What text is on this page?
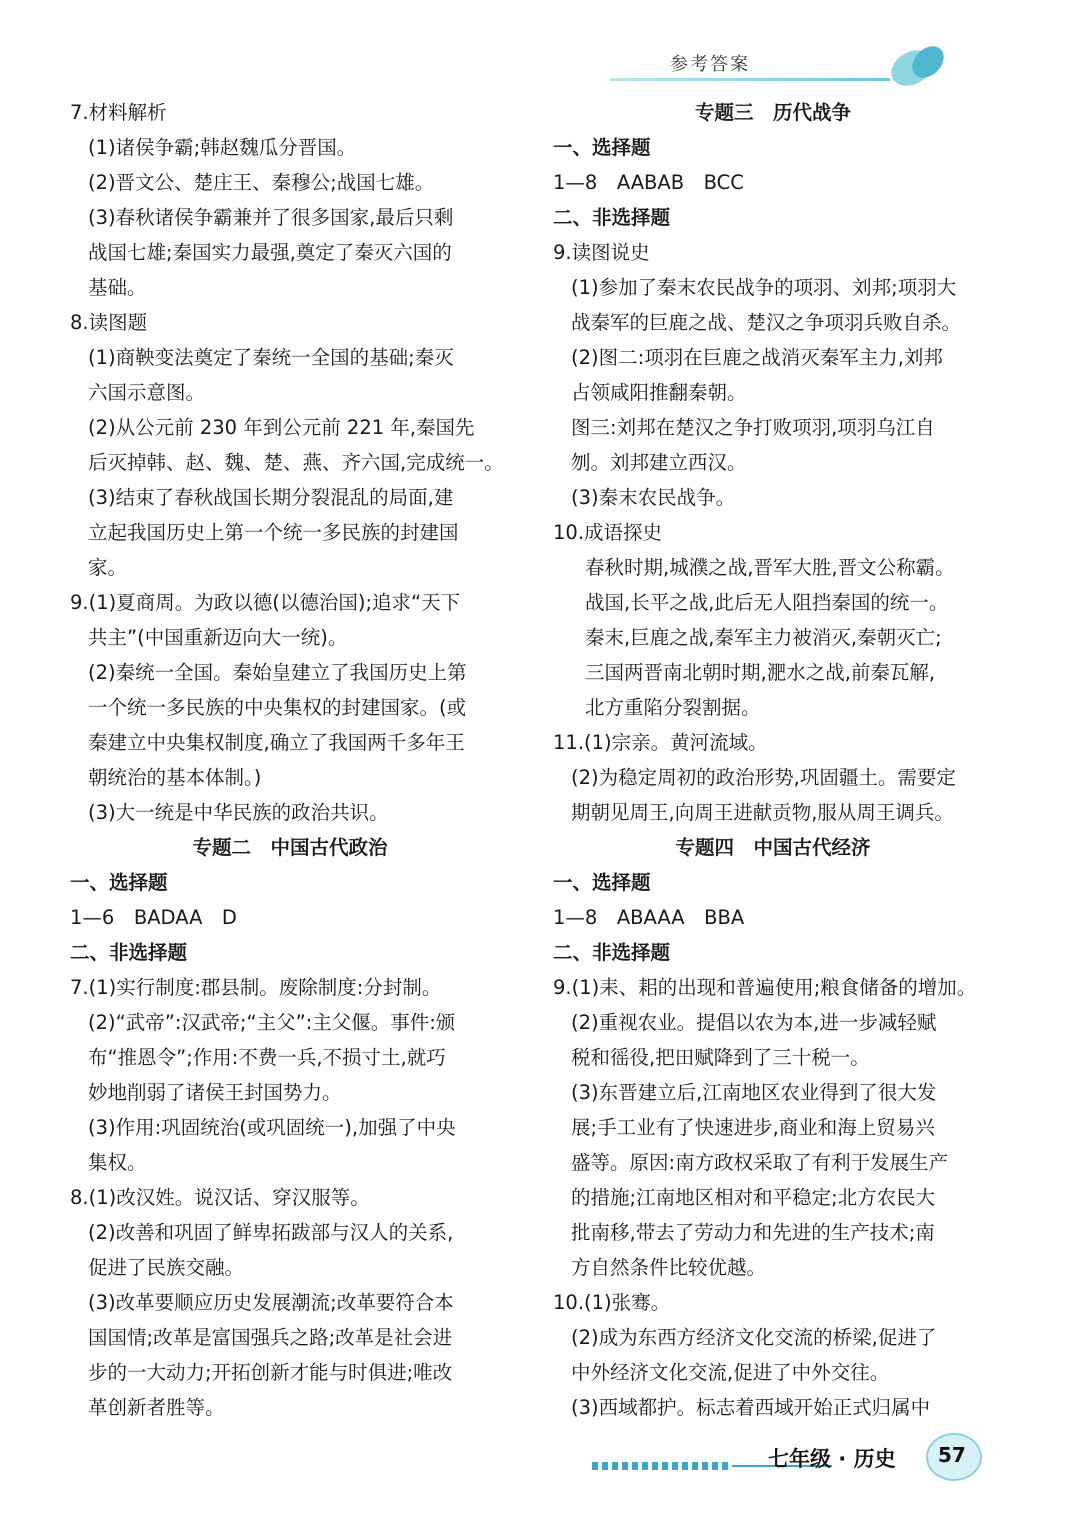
参考答案
7.材料解析
(1)诸侯争霸;韩赵魏瓜分晋国。
(2)晋文公、楚庄王、秦穆公;战国七雄。
(3)春秋诸侯争霸兼并了很多国家,最后只剩
战国七雄;秦国实力最强,奠定了秦灭六国的
基础。
8.读图题
(1)商鞅变法奠定了秦统一全国的基础;秦灭
六国示意图。
(2)从公元前 230 年到公元前 221 年,秦国先
后灭掉韩、赵、魏、楚、燕、齐六国,完成统一。
(3)结束了春秋战国长期分裂混乱的局面,建
立起我国历史上第一个统一多民族的封建国
家。
9.(1)夏商周。为政以德(以德治国);追求“天下
共主”(中国重新迈向大一统)。
(2)秦统一全国。秦始皇建立了我国历史上第
一个统一多民族的中央集权的封建国家。(或
秦建立中央集权制度,确立了我国两千多年王
朝统治的基本体制。)
(3)大一统是中华民族的政治共识。
专题二　中国古代政治
一、选择题
1—6　BADAA　D
二、非选择题
7.(1)实行制度:郡县制。废除制度:分封制。
(2)“武帝”:汉武帝;“主父”:主父偃。事件:颁
布“推恩令”;作用:不费一兵,不损寸土,就巧
妙地削弱了诸侯王封国势力。
(3)作用:巩固统治(或巩固统一),加强了中央
集权。
8.(1)改汉姓。说汉话、穿汉服等。
(2)改善和巩固了鲜卑拓跋部与汉人的关系,
促进了民族交融。
(3)改革要顺应历史发展潮流;改革要符合本
国国情;改革是富国强兵之路;改革是社会进
步的一大动力;开拓创新才能与时俱进;唯改
革创新者胜等。
专题三　历代战争
一、选择题
1—8　AABAB　BCC
二、非选择题
9.读图说史
(1)参加了秦末农民战争的项羽、刘邦;项羽大
战秦军的巨鹿之战、楚汉之争项羽兵败自杀。
(2)图二:项羽在巨鹿之战消灭秦军主力,刘邦
占领咸阳推翻秦朝。
图三:刘邦在楚汉之争打败项羽,项羽乌江自
刎。刘邦建立西汉。
(3)秦末农民战争。
10.成语探史
春秋时期,城濮之战,晋军大胜,晋文公称霸。
战国,长平之战,此后无人阻挡秦国的统一。
秦末,巨鹿之战,秦军主力被消灭,秦朝灭亡;
三国两晋南北朝时期,淝水之战,前秦瓦解,
北方重陷分裂割据。
11.(1)宗亲。黄河流域。
(2)为稳定周初的政治形势,巩固疆土。需要定
期朝见周王,向周王进献贡物,服从周王调兵。
专题四　中国古代经济
一、选择题
1—8　ABAAA　BBA
二、非选择题
9.(1)耒、耜的出现和普遍使用;粮食储备的增加。
(2)重视农业。提倡以农为本,进一步减轻赋
税和徭役,把田赋降到了三十税一。
(3)东晋建立后,江南地区农业得到了很大发
展;手工业有了快速进步,商业和海上贸易兴
盛等。原因:南方政权采取了有利于发展生产
的措施;江南地区相对和平稳定;北方农民大
批南移,带去了劳动力和先进的生产技术;南
方自然条件比较优越。
10.(1)张骞。
(2)成为东西方经济文化交流的桥梁,促进了
中外经济文化交流,促进了中外交往。
(3)西域都护。标志着西域开始正式归属中
七年级 · 历史 57
